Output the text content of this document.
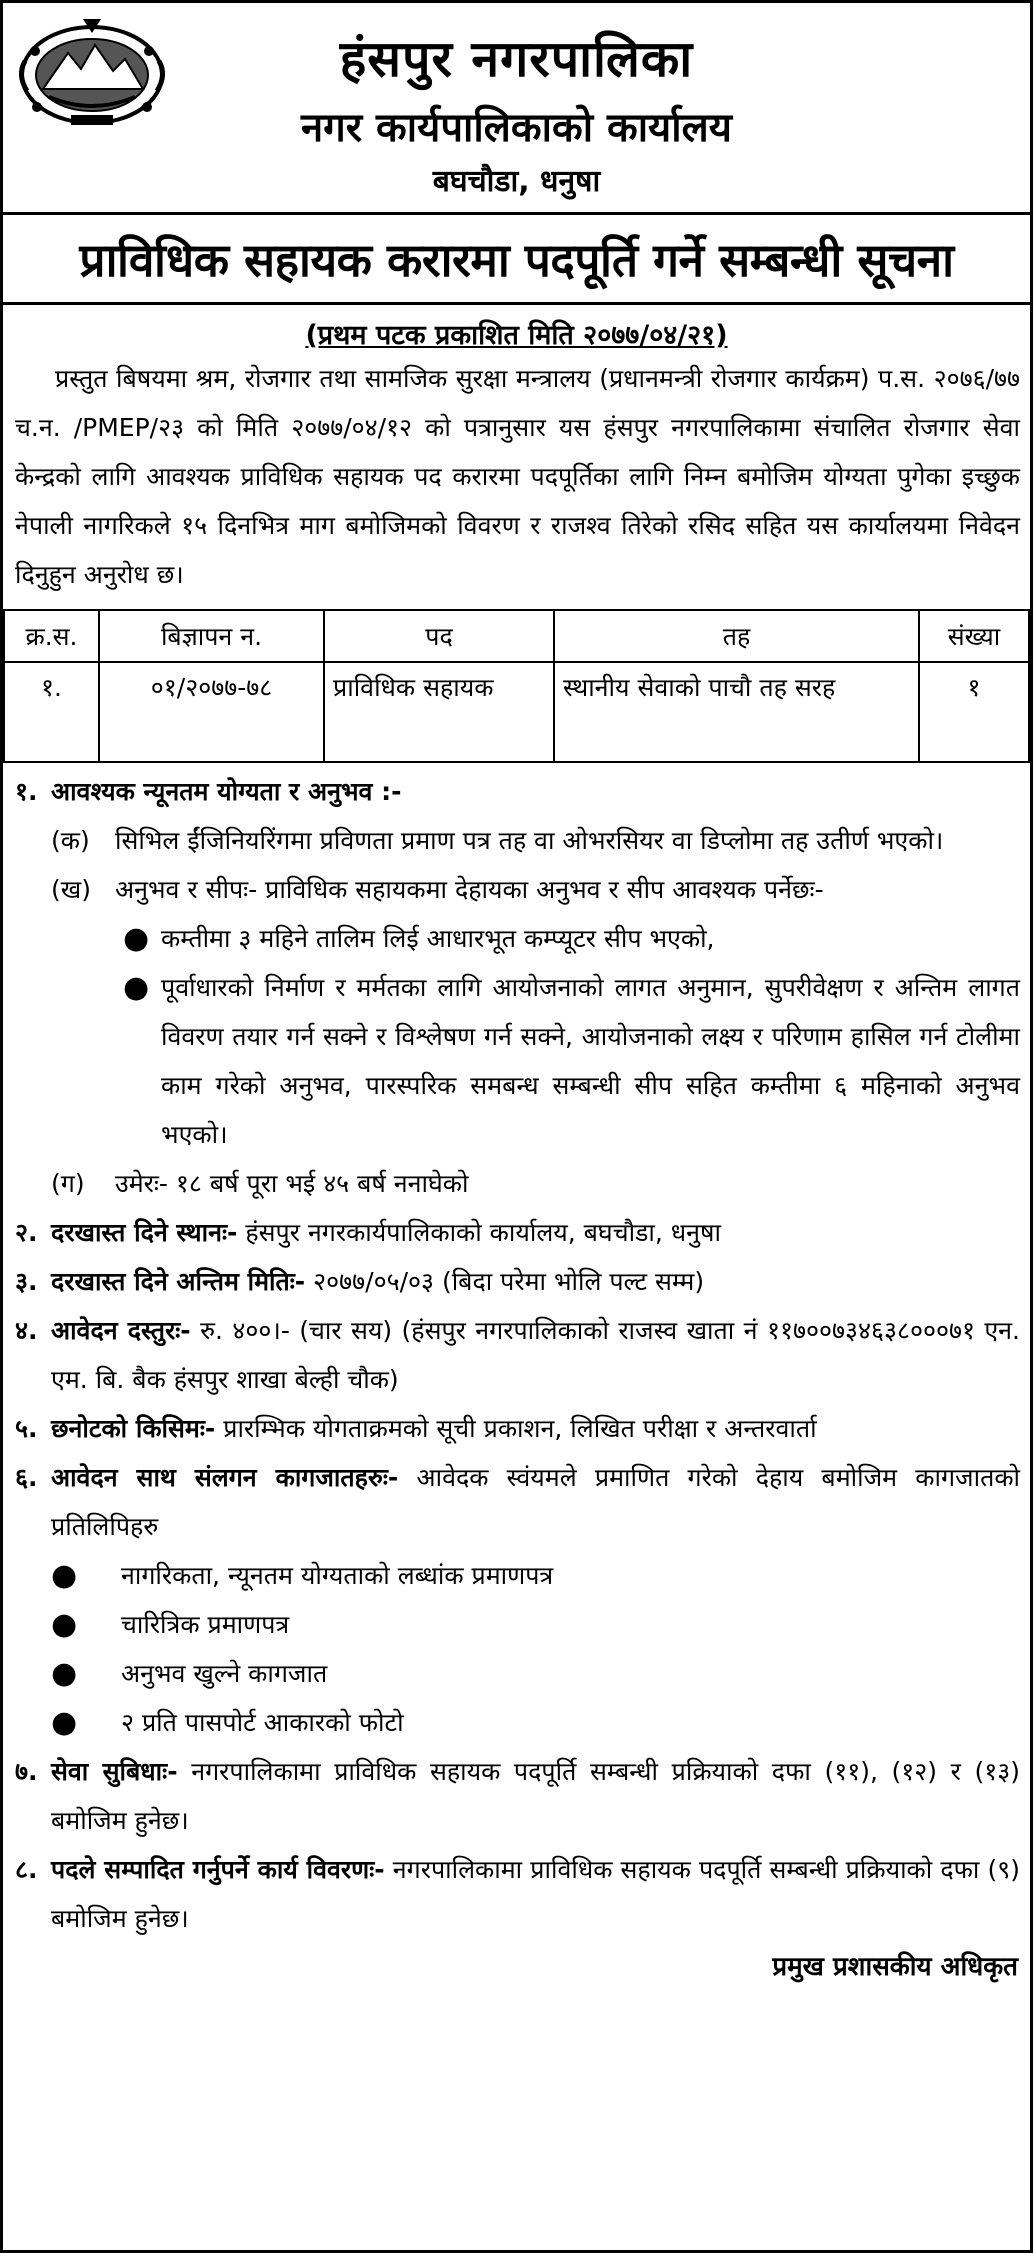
हंसपुर नगरपालिका
नगर कार्यपालिकाको कार्यालय
बघचौडा, धनुषा
प्राविधिक सहायक करारमा पदपूर्ति गर्ने सम्बन्धी सूचना
(प्रथम पटक प्रकाशित मिति २०७७/०४/२१)

प्रस्तुत बिषयमा श्रम, रोजगार तथा सामजिक सुरक्षा मन्त्रालय (प्रधानमन्त्री रोजगार कार्यक्रम) प.स. २०७६/७७ च.न. /PMEP/२३ को मिति २०७७/०४/१२ को पत्रानुसार यस हंसपुर नगरपालिकामा संचालित रोजगार सेवा केन्द्रको लागि आवश्यक प्राविधिक सहायक पद करारमा पदपूर्तिका लागि निम्न बमोजिम योग्यता पुगेका इच्छुक नेपाली नागरिकले १५ दिनभित्र माग बमोजिमको विवरण र राजश्व तिरेको रसिद सहित यस कार्यालयमा निवेदन दिनुहुन अनुरोध छ।

क्र.स.	बिज्ञापन न.	पद	तह	संख्या
१.	०१/२०७७-७८	प्राविधिक सहायक	स्थानीय सेवाको पाचौ तह सरह	१
१. आवश्यक न्यूनतम योग्यता र अनुभव :-
(क)	सिभिल ईंजिनियरिंगमा प्रविणता प्रमाण पत्र तह वा ओभरसियर वा डिप्लोमा तह उतीर्ण भएको।
(ख) अनुभव र सीपः- प्राविधिक सहायकमा देहायका अनुभव र सीप आवश्यक पर्नेछः-
● कम्तीमा ३ महिने तालिम लिई आधारभूत कम्प्यूटर सीप भएको,
● पूर्वाधारको निर्माण र मर्मतका लागि आयोजनाको लागत अनुमान, सुपरीवेक्षण र अन्तिम लागत विवरण तयार गर्न सक्ने र विश्लेषण गर्न सक्ने, आयोजनाको लक्ष्य र परिणाम हासिल गर्न टोलीमा काम गरेको अनुभव, पारस्परिक समबन्ध सम्बन्धी सीप सहित कम्तीमा ६ महिनाको अनुभव भएको।
(ग)	उमेरः- १८ बर्ष पूरा भई ४५ बर्ष ननाघेको
२. दरखास्त दिने स्थानः- हंसपुर नगरकार्यपालिकाको कार्यालय, बघचौडा, धनुषा
३. दरखास्त दिने अन्तिम मितिः- २०७७/०५/०३ (बिदा परेमा भोलि पल्ट सम्म)
४. आवेदन दस्तुरः- रु. ४००।- (चार सय) (हंसपुर नगरपालिकाको राजस्व खाता नं ११७००७३४६३८०००७१ एन. एम. बि. बैक हंसपुर शाखा बेल्ही चौक)
५. छनोटको किसिमः- प्रारम्भिक योगताक्रमको सूची प्रकाशन, लिखित परीक्षा र अन्तरवार्ता
६. आवेदन साथ संलगन कागजातहरुः- आवेदक स्वंयमले प्रमाणित गरेको देहाय बमोजिम कागजातको प्रतिलिपिहरु
●	नागरिकता, न्यूनतम योग्यताको लब्धांक प्रमाणपत्र
●	चारित्रिक प्रमाणपत्र
●	अनुभव खुल्ने कागजात
●	२ प्रति पासपोर्ट आकारको फोटो
७. सेवा सुबिधाः- नगरपालिकामा प्राविधिक सहायक पदपूर्ति सम्बन्धी प्रक्रियाको दफा (११), (१२) र (१३) बमोजिम हुनेछ।
८. पदले सम्पादित गर्नुपर्ने कार्य विवरणः- नगरपालिकामा प्राविधिक सहायक पदपूर्ति सम्बन्धी प्रक्रियाको दफा (९) बमोजिम हुनेछ।
प्रमुख प्रशासकीय अधिकृत
